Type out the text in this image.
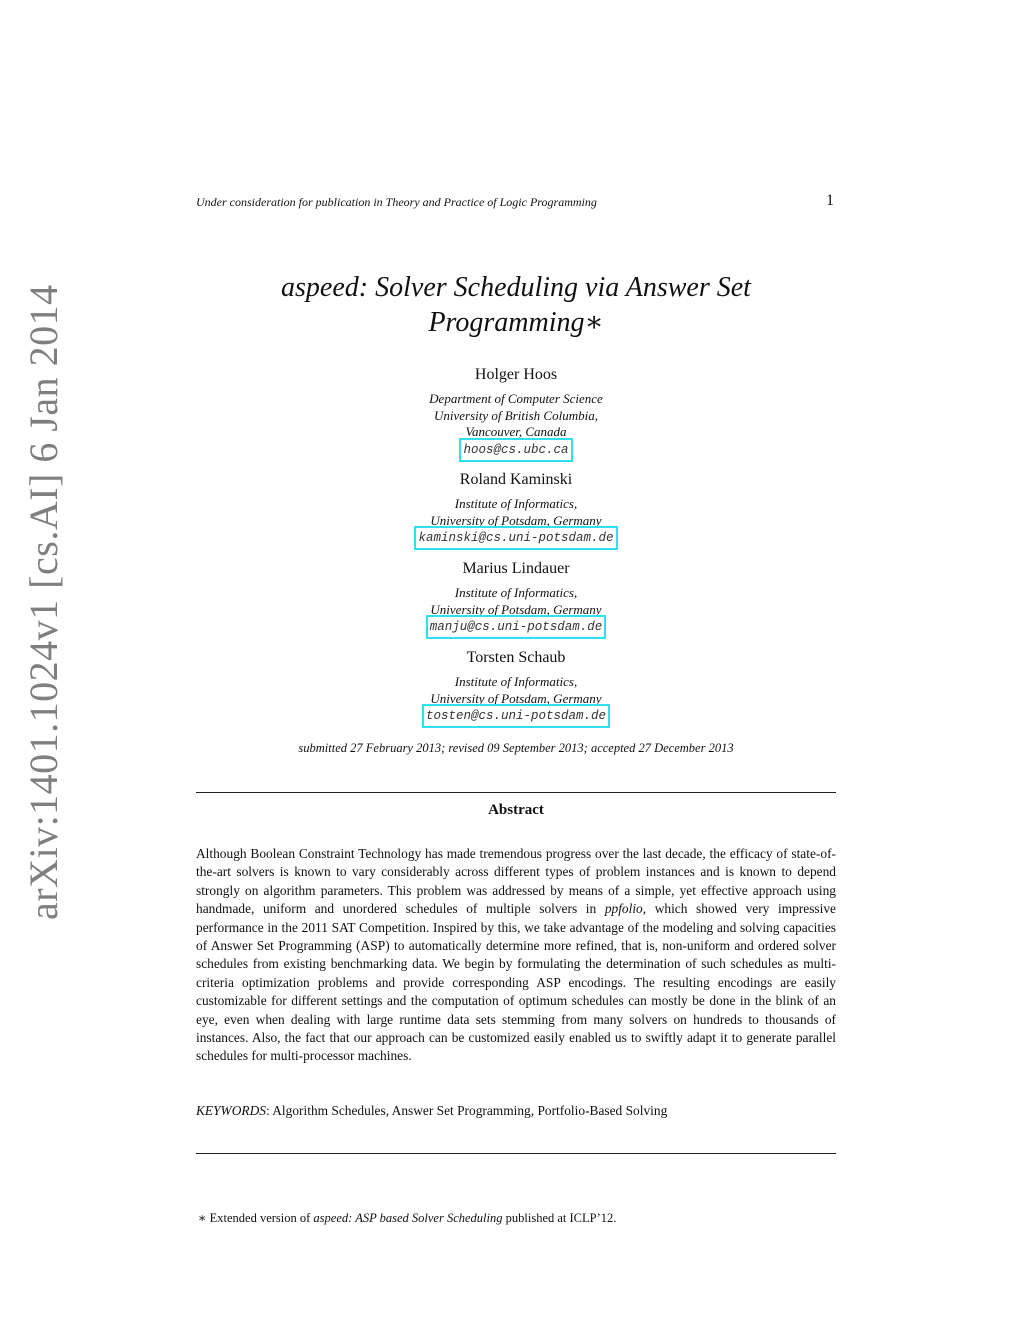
arXiv:1401.1024v1 [cs.AI] 6 Jan 2014
Under consideration for publication in Theory and Practice of Logic Programming	1
aspeed: Solver Scheduling via Answer Set
Programming∗
Holger Hoos
Department of Computer Science
University of British Columbia,
Vancouver, Canada
hoos@cs.ubc.ca
Roland Kaminski
Institute of Informatics,
University of Potsdam, Germany
kaminski@cs.uni-potsdam.de
Marius Lindauer
Institute of Informatics,
University of Potsdam, Germany
manju@cs.uni-potsdam.de
Torsten Schaub
Institute of Informatics,
University of Potsdam, Germany
tosten@cs.uni-potsdam.de
submitted 27 February 2013; revised 09 September 2013; accepted 27 December 2013
Abstract
Although Boolean Constraint Technology has made tremendous progress over the last decade, the efficacy of state-of-the-art solvers is known to vary considerably across different types of problem instances and is known to depend strongly on algorithm parameters. This problem was addressed by means of a simple, yet effective approach using handmade, uniform and unordered schedules of multiple solvers in ppfolio, which showed very impressive performance in the 2011 SAT Competition. Inspired by this, we take advantage of the modeling and solving capacities of Answer Set Programming (ASP) to automatically determine more refined, that is, non-uniform and ordered solver schedules from existing benchmarking data. We begin by formulating the determination of such schedules as multi-criteria optimization problems and provide corresponding ASP encodings. The resulting encodings are easily customizable for different settings and the computation of optimum schedules can mostly be done in the blink of an eye, even when dealing with large runtime data sets stemming from many solvers on hundreds to thousands of instances. Also, the fact that our approach can be customized easily enabled us to swiftly adapt it to generate parallel schedules for multi-processor machines.
KEYWORDS: Algorithm Schedules, Answer Set Programming, Portfolio-Based Solving
∗ Extended version of aspeed: ASP based Solver Scheduling published at ICLP’12.
